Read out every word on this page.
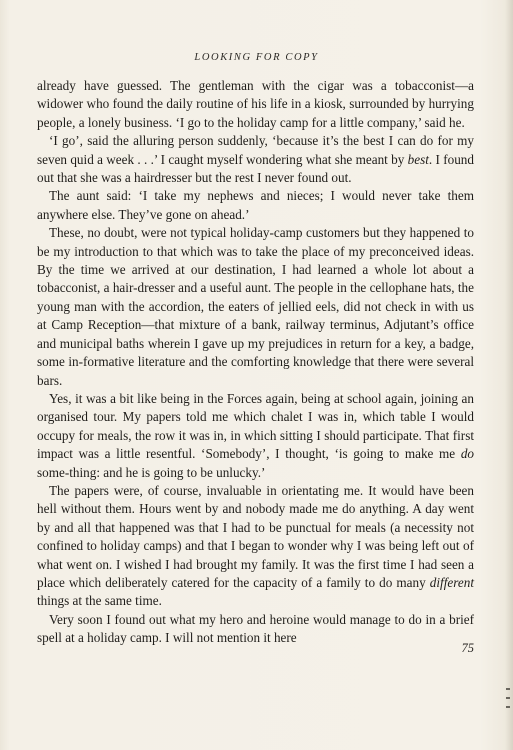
LOOKING FOR COPY

already have guessed. The gentleman with the cigar was a tobacconist—a widower who found the daily routine of his life in a kiosk, surrounded by hurrying people, a lonely business. ‘I go to the holiday camp for a little company,’ said he.

‘I go’, said the alluring person suddenly, ‘because it’s the best I can do for my seven quid a week . . .’ I caught myself wondering what she meant by best. I found out that she was a hairdresser but the rest I never found out.

The aunt said: ‘I take my nephews and nieces; I would never take them anywhere else. They’ve gone on ahead.’

These, no doubt, were not typical holiday-camp customers but they happened to be my introduction to that which was to take the place of my preconceived ideas. By the time we arrived at our destination, I had learned a whole lot about a tobacconist, a hair-dresser and a useful aunt. The people in the cellophane hats, the young man with the accordion, the eaters of jellied eels, did not check in with us at Camp Reception—that mixture of a bank, railway terminus, Adjutant’s office and municipal baths wherein I gave up my prejudices in return for a key, a badge, some in-formative literature and the comforting knowledge that there were several bars.

Yes, it was a bit like being in the Forces again, being at school again, joining an organised tour. My papers told me which chalet I was in, which table I would occupy for meals, the row it was in, in which sitting I should participate. That first impact was a little resentful. ‘Somebody’, I thought, ‘is going to make me do some-thing: and he is going to be unlucky.’

The papers were, of course, invaluable in orientating me. It would have been hell without them. Hours went by and nobody made me do anything. A day went by and all that happened was that I had to be punctual for meals (a necessity not confined to holiday camps) and that I began to wonder why I was being left out of what went on. I wished I had brought my family. It was the first time I had seen a place which deliberately catered for the capacity of a family to do many different things at the same time.

Very soon I found out what my hero and heroine would manage to do in a brief spell at a holiday camp. I will not mention it here

75
